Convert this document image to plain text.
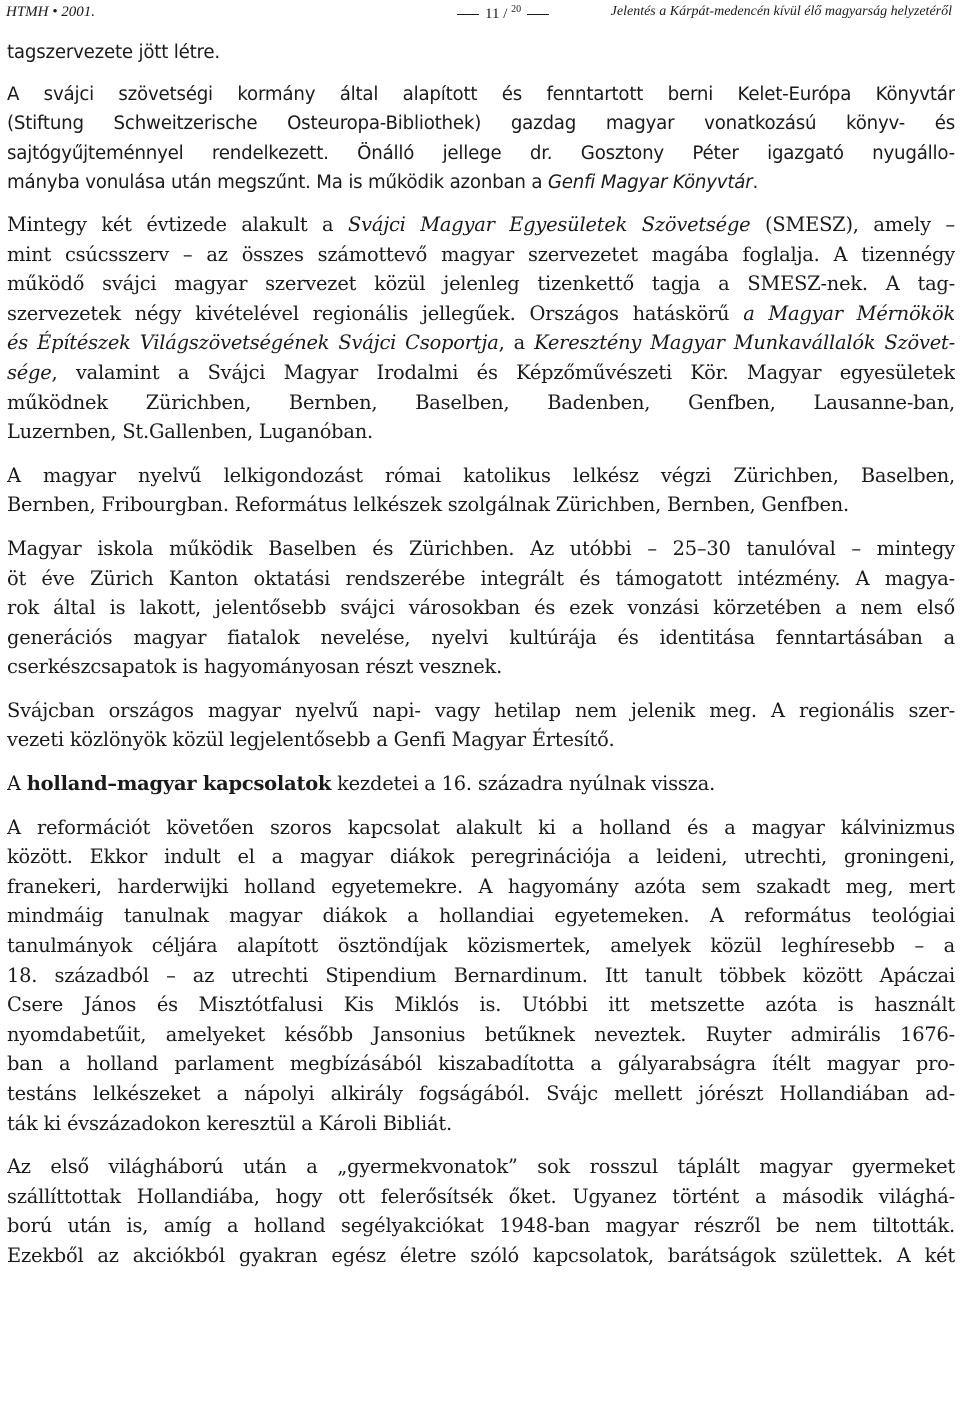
HTMH • 2001.	11 / $^{20}$	Jelentés a Kárpát-medencén kívül élő magyarság helyzetéről

tagszervezete jött létre.

A svájci szövetségi kormány által alapított és fenntartott berni Kelet-Európa Könyvtár
(Stiftung Schweitzerische Osteuropa-Bibliothek) gazdag magyar vonatkozású könyv- és
sajtógyűjteménnyel rendelkezett. Önálló jellege dr. Gosztony Péter igazgató nyugállo-
mányba vonulása után megszűnt. Ma is működik azonban a Genfi Magyar Könyvtár.

Mintegy két évtizede alakult a Svájci Magyar Egyesületek Szövetsége (SMESZ), amely –
mint csúcsszerv – az összes számottevő magyar szervezetet magába foglalja. A tizennégy
működő svájci magyar szervezet közül jelenleg tizenkettő tagja a SMESZ-nek. A tag-
szervezetek négy kivételével regionális jellegűek. Országos hatáskörű a Magyar Mérnökök
és Építészek Világszövetségének Svájci Csoportja, a Keresztény Magyar Munkavállalók Szövet-
sége, valamint a Svájci Magyar Irodalmi és Képzőművészeti Kör. Magyar egyesületek
működnek Zürichben, Bernben, Baselben, Badenben, Genfben, Lausanne-ban,
Luzernben, St.Gallenben, Luganóban.

A magyar nyelvű lelkigondozást római katolikus lelkész végzi Zürichben, Baselben,
Bernben, Fribourgban. Református lelkészek szolgálnak Zürichben, Bernben, Genfben.

Magyar iskola működik Baselben és Zürichben. Az utóbbi – 25–30 tanulóval – mintegy
öt éve Zürich Kanton oktatási rendszerébe integrált és támogatott intézmény. A magya-
rok által is lakott, jelentősebb svájci városokban és ezek vonzási körzetében a nem első
generációs magyar fiatalok nevelése, nyelvi kultúrája és identitása fenntartásában a
cserkészcsapatok is hagyományosan részt vesznek.

Svájcban országos magyar nyelvű napi- vagy hetilap nem jelenik meg. A regionális szer-
vezeti közlönyök közül legjelentősebb a Genfi Magyar Értesítő.

A holland–magyar kapcsolatok kezdetei a 16. századra nyúlnak vissza.

A reformációt követően szoros kapcsolat alakult ki a holland és a magyar kálvinizmus
között. Ekkor indult el a magyar diákok peregrinációja a leideni, utrechti, groningeni,
franekeri, harderwijki holland egyetemekre. A hagyomány azóta sem szakadt meg, mert
mindmáig tanulnak magyar diákok a hollandiai egyetemeken. A református teológiai
tanulmányok céljára alapított ösztöndíjak közismertek, amelyek közül leghíresebb – a
18. századból – az utrechti Stipendium Bernardinum. Itt tanult többek között Apáczai
Csere János és Misztótfalusi Kis Miklós is. Utóbbi itt metszette azóta is használt
nyomdabetűit, amelyeket később Jansonius betűknek neveztek. Ruyter admirális 1676-
ban a holland parlament megbízásából kiszabadította a gályarabságra ítélt magyar pro-
testáns lelkészeket a nápolyi alkirály fogságából. Svájc mellett jórészt Hollandiában ad-
ták ki évszázadokon keresztül a Károli Bibliát.

Az első világháború után a „gyermekvonatok” sok rosszul táplált magyar gyermeket
szállíttottak Hollandiába, hogy ott felerősítsék őket. Ugyanez történt a második világhá-
ború után is, amíg a holland segélyakciókat 1948-ban magyar részről be nem tiltották.
Ezekből az akciókból gyakran egész életre szóló kapcsolatok, barátságok születtek. A két
